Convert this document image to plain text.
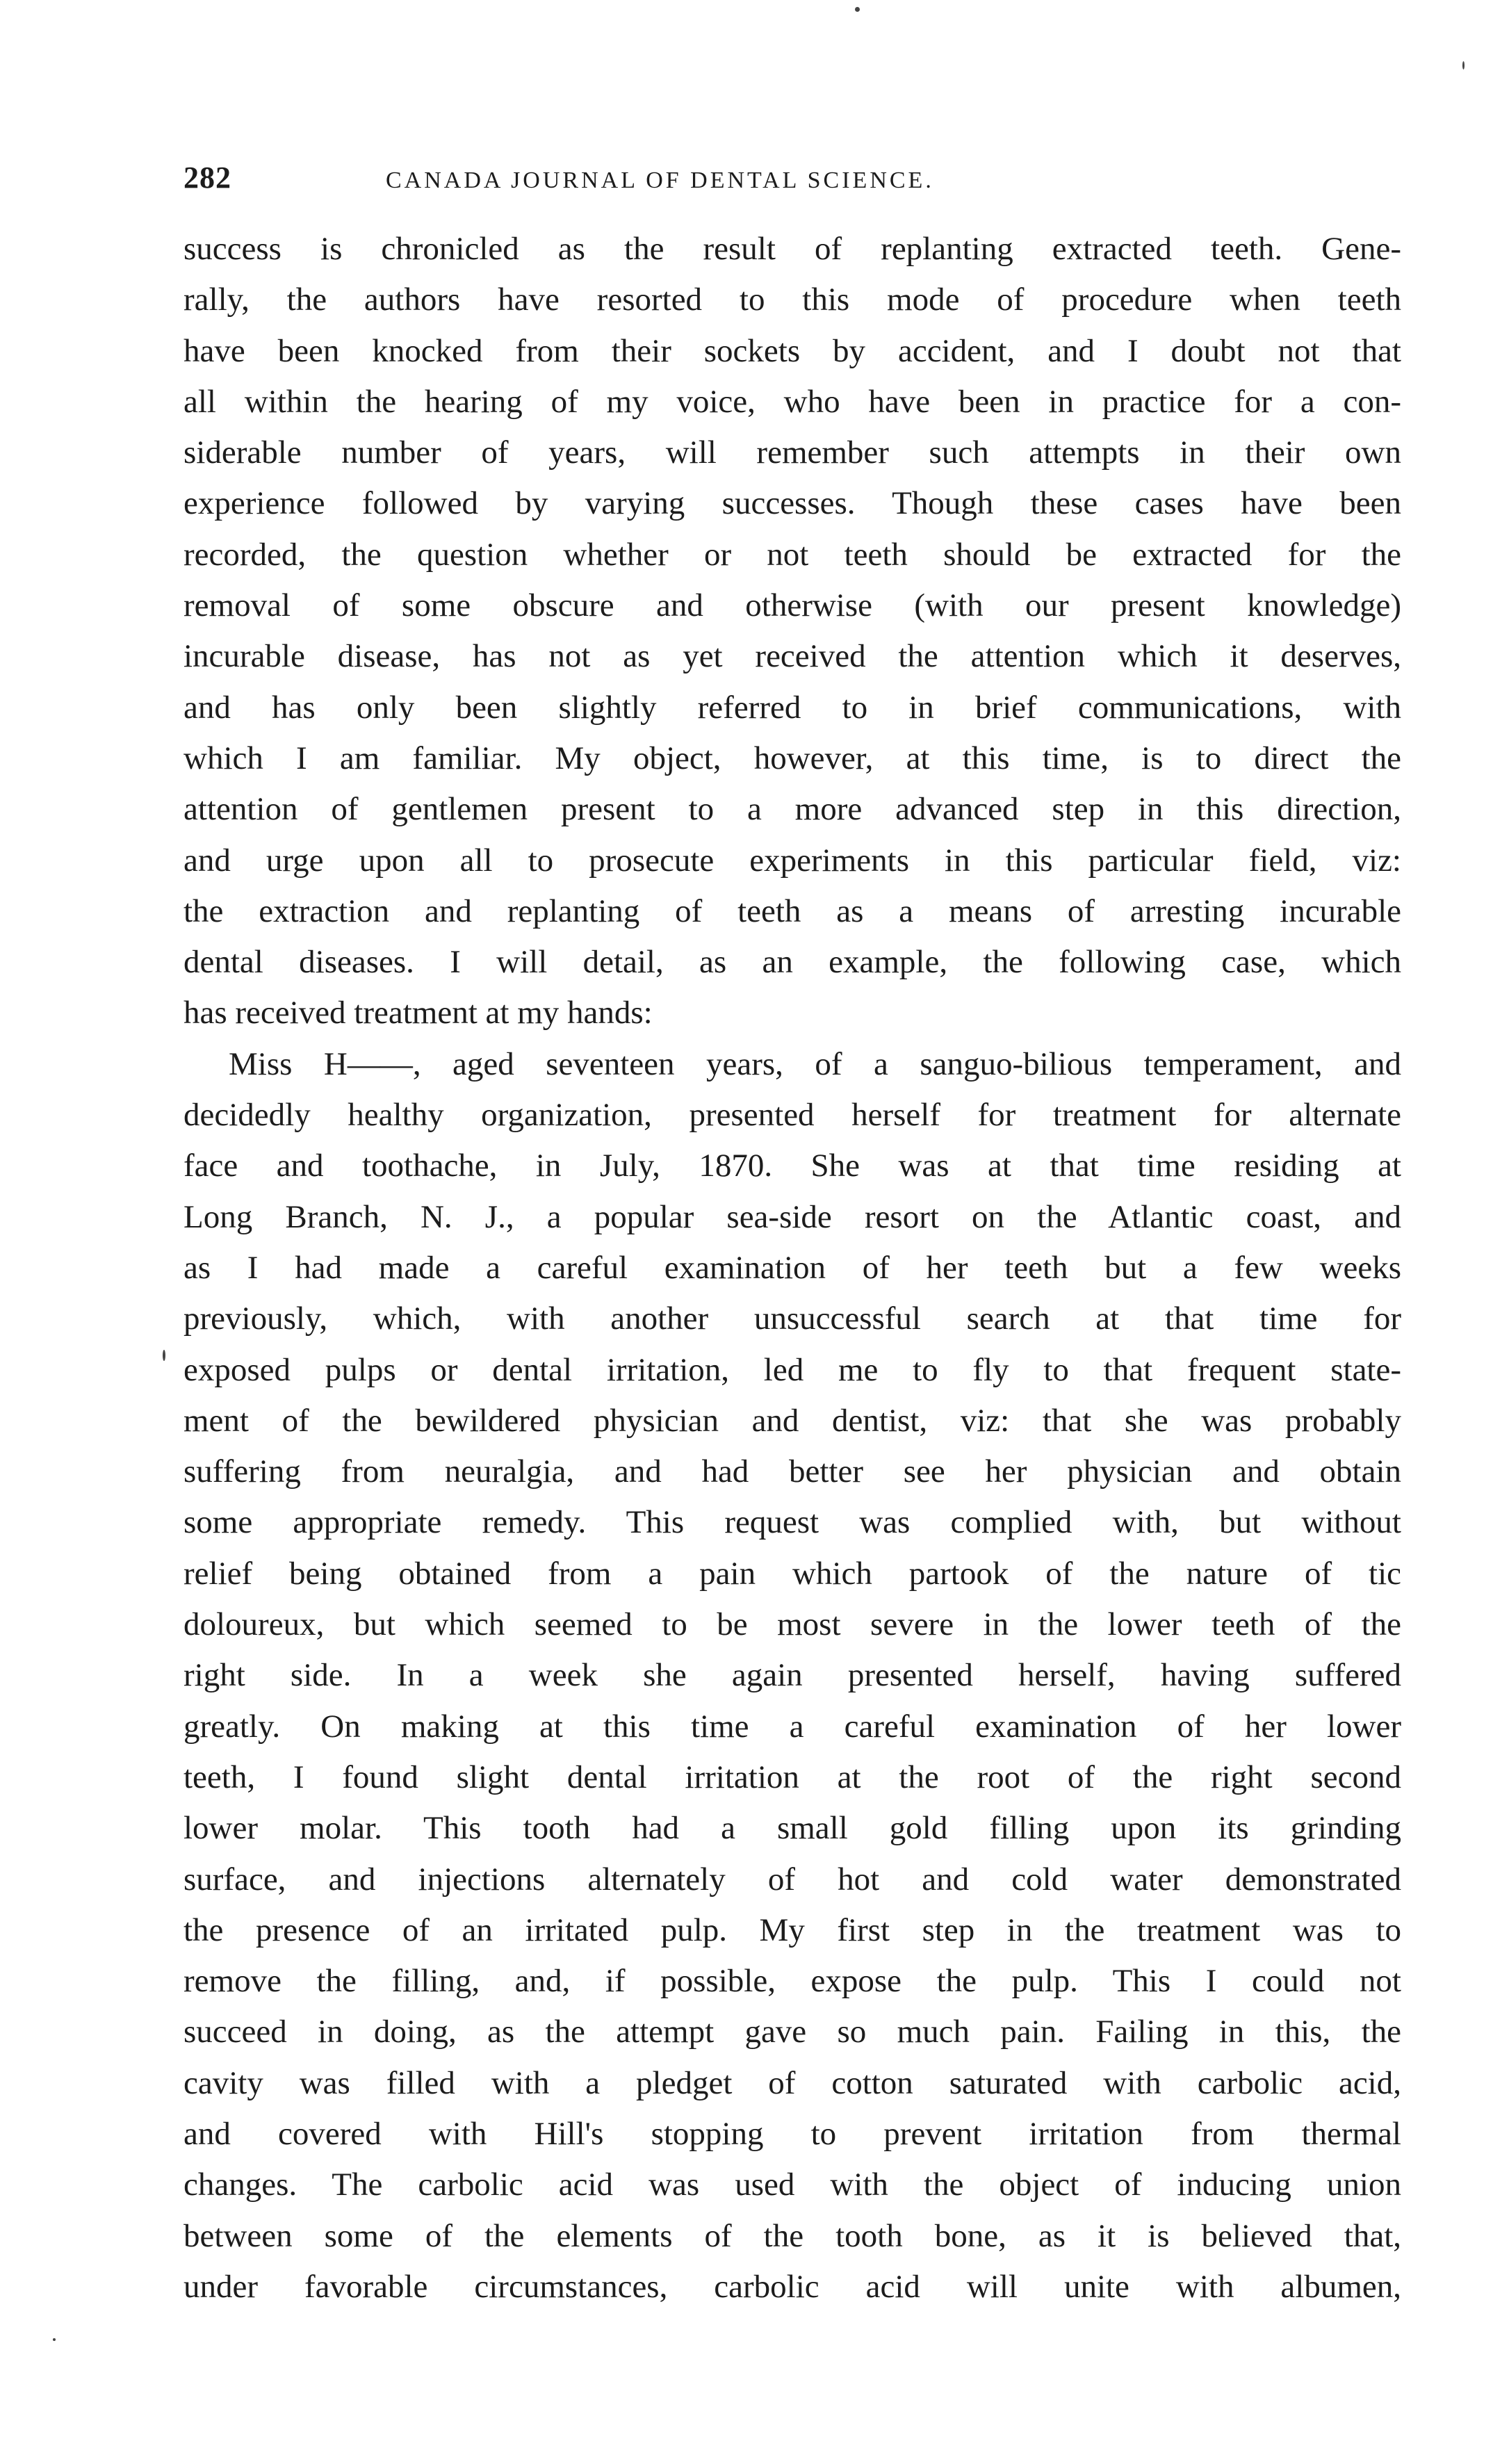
282	CANADA JOURNAL OF DENTAL SCIENCE.
success is chronicled as the result of replanting extracted teeth. Gene-
rally, the authors have resorted to this mode of procedure when teeth
have been knocked from their sockets by accident, and I doubt not that
all within the hearing of my voice, who have been in practice for a con-
siderable number of years, will remember such attempts in their own
experience followed by varying successes. Though these cases have been
recorded, the question whether or not teeth should be extracted for the
removal of some obscure and otherwise (with our present knowledge)
incurable disease, has not as yet received the attention which it deserves,
and has only been slightly referred to in brief communications, with
which I am familiar. My object, however, at this time, is to direct the
attention of gentlemen present to a more advanced step in this direction,
and urge upon all to prosecute experiments in this particular field, viz:
the extraction and replanting of teeth as a means of arresting incurable
dental diseases. I will detail, as an example, the following case, which
has received treatment at my hands:
Miss H——, aged seventeen years, of a sanguo-bilious temperament, and
decidedly healthy organization, presented herself for treatment for alternate
face and toothache, in July, 1870. She was at that time residing at
Long Branch, N. J., a popular sea-side resort on the Atlantic coast, and
as I had made a careful examination of her teeth but a few weeks
previously, which, with another unsuccessful search at that time for
exposed pulps or dental irritation, led me to fly to that frequent state-
ment of the bewildered physician and dentist, viz: that she was probably
suffering from neuralgia, and had better see her physician and obtain
some appropriate remedy. This request was complied with, but without
relief being obtained from a pain which partook of the nature of tic
doloureux, but which seemed to be most severe in the lower teeth of the
right side. In a week she again presented herself, having suffered
greatly. On making at this time a careful examination of her lower
teeth, I found slight dental irritation at the root of the right second
lower molar. This tooth had a small gold filling upon its grinding
surface, and injections alternately of hot and cold water demonstrated
the presence of an irritated pulp. My first step in the treatment was to
remove the filling, and, if possible, expose the pulp. This I could not
succeed in doing, as the attempt gave so much pain. Failing in this, the
cavity was filled with a pledget of cotton saturated with carbolic acid,
and covered with Hill's stopping to prevent irritation from thermal
changes. The carbolic acid was used with the object of inducing union
between some of the elements of the tooth bone, as it is believed that,
under favorable circumstances, carbolic acid will unite with albumen,
